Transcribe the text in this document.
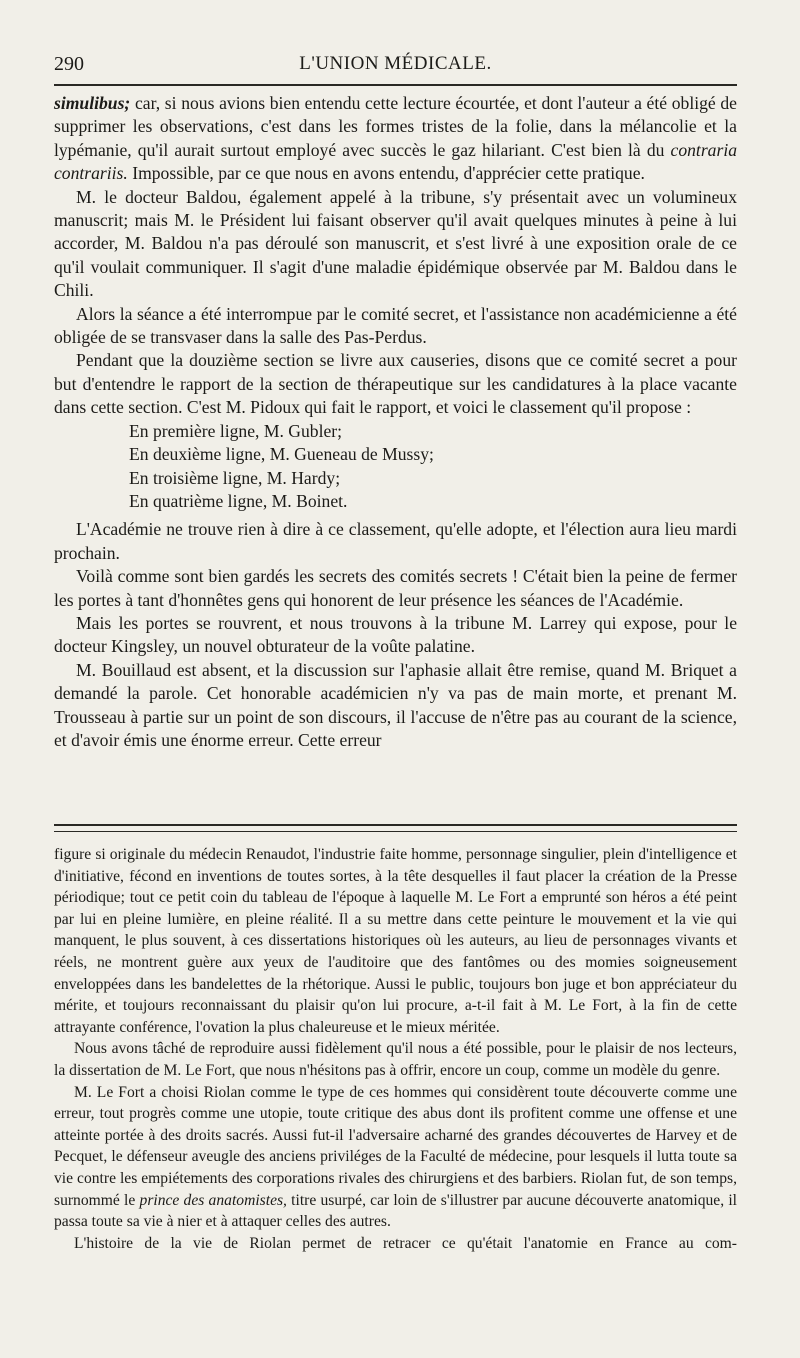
290	L'UNION MÉDICALE.

simulibus; car, si nous avions bien entendu cette lecture écourtée, et dont l'auteur a été obligé de supprimer les observations, c'est dans les formes tristes de la folie, dans la mélancolie et la lypémanie, qu'il aurait surtout employé avec succès le gaz hilariant. C'est bien là du contraria contrariis. Impossible, par ce que nous en avons entendu, d'apprécier cette pratique.

M. le docteur Baldou, également appelé à la tribune, s'y présentait avec un volumineux manuscrit; mais M. le Président lui faisant observer qu'il avait quelques minutes à peine à lui accorder, M. Baldou n'a pas déroulé son manuscrit, et s'est livré à une exposition orale de ce qu'il voulait communiquer. Il s'agit d'une maladie épidémique observée par M. Baldou dans le Chili.

Alors la séance a été interrompue par le comité secret, et l'assistance non académicienne a été obligée de se transvaser dans la salle des Pas-Perdus.

Pendant que la douzième section se livre aux causeries, disons que ce comité secret a pour but d'entendre le rapport de la section de thérapeutique sur les candidatures à la place vacante dans cette section. C'est M. Pidoux qui fait le rapport, et voici le classement qu'il propose :

En première ligne, M. Gubler;
En deuxième ligne, M. Gueneau de Mussy;
En troisième ligne, M. Hardy;
En quatrième ligne, M. Boinet.

L'Académie ne trouve rien à dire à ce classement, qu'elle adopte, et l'élection aura lieu mardi prochain.

Voilà comme sont bien gardés les secrets des comités secrets ! C'était bien la peine de fermer les portes à tant d'honnêtes gens qui honorent de leur présence les séances de l'Académie.

Mais les portes se rouvrent, et nous trouvons à la tribune M. Larrey qui expose, pour le docteur Kingsley, un nouvel obturateur de la voûte palatine.

M. Bouillaud est absent, et la discussion sur l'aphasie allait être remise, quand M. Briquet a demandé la parole. Cet honorable académicien n'y va pas de main morte, et prenant M. Trousseau à partie sur un point de son discours, il l'accuse de n'être pas au courant de la science, et d'avoir émis une énorme erreur. Cette erreur

figure si originale du médecin Renaudot, l'industrie faite homme, personnage singulier, plein d'intelligence et d'initiative, fécond en inventions de toutes sortes, à la tête desquelles il faut placer la création de la Presse périodique; tout ce petit coin du tableau de l'époque à laquelle M. Le Fort a emprunté son héros a été peint par lui en pleine lumière, en pleine réalité. Il a su mettre dans cette peinture le mouvement et la vie qui manquent, le plus souvent, à ces dissertations historiques où les auteurs, au lieu de personnages vivants et réels, ne montrent guère aux yeux de l'auditoire que des fantômes ou des momies soigneusement enveloppées dans les bandelettes de la rhétorique. Aussi le public, toujours bon juge et bon appréciateur du mérite, et toujours reconnaissant du plaisir qu'on lui procure, a-t-il fait à M. Le Fort, à la fin de cette attrayante conférence, l'ovation la plus chaleureuse et le mieux méritée.

Nous avons tâché de reproduire aussi fidèlement qu'il nous a été possible, pour le plaisir de nos lecteurs, la dissertation de M. Le Fort, que nous n'hésitons pas à offrir, encore un coup, comme un modèle du genre.

M. Le Fort a choisi Riolan comme le type de ces hommes qui considèrent toute découverte comme une erreur, tout progrès comme une utopie, toute critique des abus dont ils profitent comme une offense et une atteinte portée à des droits sacrés. Aussi fut-il l'adversaire acharné des grandes découvertes de Harvey et de Pecquet, le défenseur aveugle des anciens priviléges de la Faculté de médecine, pour lesquels il lutta toute sa vie contre les empiétements des corporations rivales des chirurgiens et des barbiers. Riolan fut, de son temps, surnommé le prince des anatomistes, titre usurpé, car loin de s'illustrer par aucune découverte anatomique, il passa toute sa vie à nier et à attaquer celles des autres.

L'histoire de la vie de Riolan permet de retracer ce qu'était l'anatomie en France au com-
